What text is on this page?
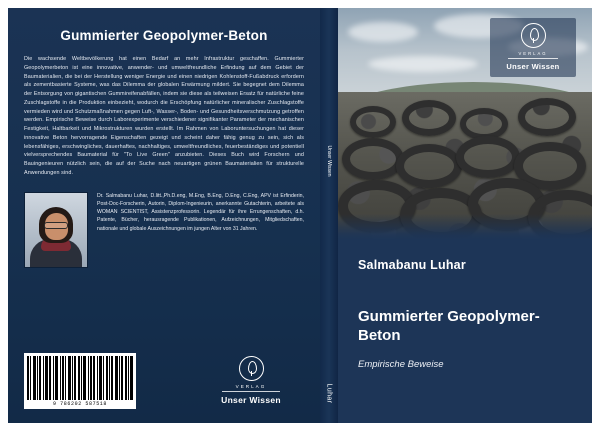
Gummierter Geopolymer-Beton
Die wachsende Weltbevölkerung hat einen Bedarf an mehr Infrastruktur geschaffen. Gummierter Geopolymerbeton ist eine innovative, anwender- und umweltfreundliche Erfindung auf dem Gebiet der Baumaterialien, die bei der Herstellung weniger Energie und einen niedrigen Kohlenstoff-Fußabdruck erfordern als zementbasierte Systeme, was das Dilemma der globalen Erwärmung mildert. Sie begegnet dem Dilemma der Entsorgung von gigantischen Gummireifenabfällen, indem sie diese als teilweisen Ersatz für natürliche feine Zuschlagstoffe in die Produktion einbezieht, wodurch die Erschöpfung natürlicher mineralischer Zuschlagstoffe vermieden wird und Schutzmaßnahmen gegen Luft-, Wasser-, Boden- und Gesundheitsverschmutzung getroffen werden. Empirische Beweise durch Laborexperimente verschiedener signifikanter Parameter der mechanischen Festigkeit, Haltbarkeit und Mikrostrukturen wurden erstellt. Im Rahmen von Laboruntersuchungen hat dieser innovative Beton hervorragende Eigenschaften gezeigt und scheint daher fähig genug zu sein, sich als lebensfähiges, erschwingliches, dauerhaftes, nachhaltiges, umweltfreundliches, feuerbeständiges und potentiell vielversprechendes Baumaterial für "To Live Green" anzubieten. Dieses Buch wird Forschern und Bauingenieuren nützlich sein, die auf der Suche nach neuartigen grünen Baumaterialien für strukturelle Anwendungen sind.
Dr. Salmabanu Luhar, D.litt.,Ph.D.eng, M.Eng, B.Eng, D.Eng, C.Eng, APV ist Erfinderin, Post-Doc-Forscherin, Autorin, Diplom-Ingenieurin, anerkannte Gutachterin, arbeitete als WOMAN SCIENTIST, Assistenzprofessorin. Legendär für ihre Errungenschaften, d.h. Patente, Bücher, herausragende Publikationen, Aufzeichnungen, Mitgliedschaften, nationale und globale Auszeichnungen im jungen Alter von 31 Jahren.
9 786202 587518
VERLAG
Unser Wissen
Unser Wissen
Luhar
VERLAG
Unser Wissen
Salmabanu Luhar
Gummierter Geopolymer-Beton
Empirische Beweise
